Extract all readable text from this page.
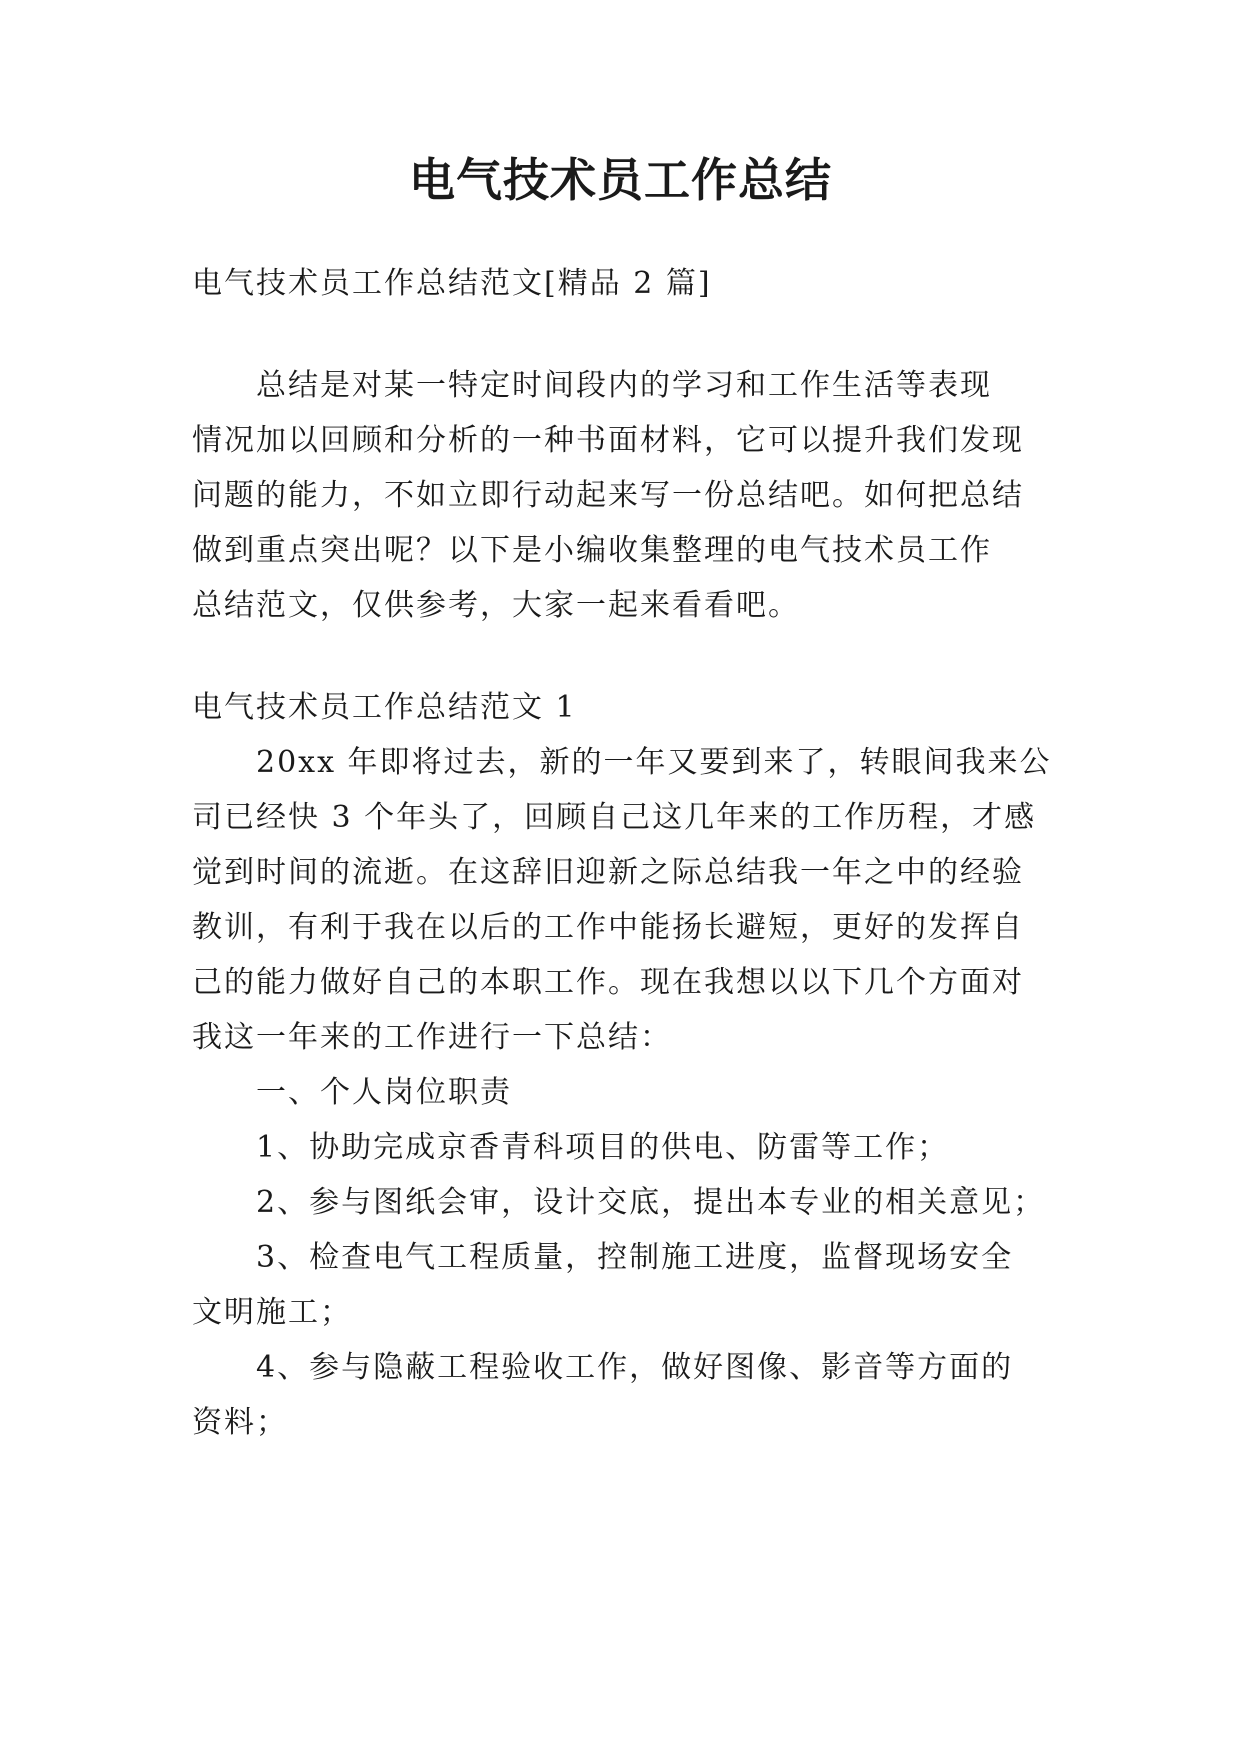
电气技术员工作总结

电气技术员工作总结范文[精品 2 篇]

总结是对某一特定时间段内的学习和工作生活等表现

情况加以回顾和分析的一种书面材料，它可以提升我们发现

问题的能力，不如立即行动起来写一份总结吧。如何把总结

做到重点突出呢？以下是小编收集整理的电气技术员工作

总结范文，仅供参考，大家一起来看看吧。

电气技术员工作总结范文 1

20xx 年即将过去，新的一年又要到来了，转眼间我来公

司已经快 3 个年头了，回顾自己这几年来的工作历程，才感

觉到时间的流逝。在这辞旧迎新之际总结我一年之中的经验

教训，有利于我在以后的工作中能扬长避短，更好的发挥自

己的能力做好自己的本职工作。现在我想以以下几个方面对

我这一年来的工作进行一下总结：

一、个人岗位职责

1、协助完成京香青科项目的供电、防雷等工作；

2、参与图纸会审，设计交底，提出本专业的相关意见；

3、检查电气工程质量，控制施工进度，监督现场安全

文明施工；

4、参与隐蔽工程验收工作，做好图像、影音等方面的

资料；
